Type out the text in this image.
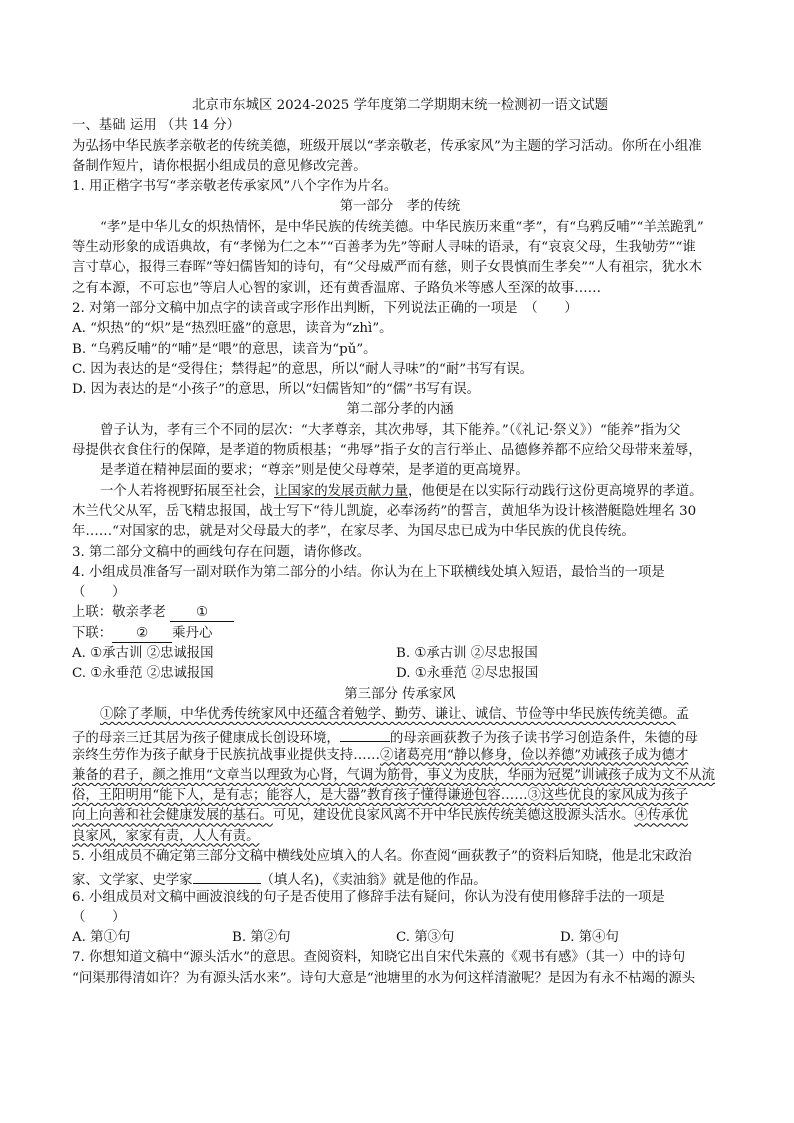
北京市东城区 2024-2025 学年度第二学期期末统一检测初一语文试题
一、基础 运用 （共 14 分）
为弘扬中华民族孝亲敬老的传统美德，班级开展以“孝亲敬老，传承家风”为主题的学习活动。你所在小组准
备制作短片，请你根据小组成员的意见修改完善。
1. 用正楷字书写“孝亲敬老传承家风”八个字作为片名。
第一部分　孝的传统
“孝”是中华儿女的炽热情怀，是中华民族的传统美德。中华民族历来重“孝”，有“乌鸦反哺”“羊羔跪乳”
等生动形象的成语典故，有“孝悌为仁之本”“百善孝为先”等耐人寻味的语录，有“哀哀父母，生我劬劳”“谁
言寸草心，报得三春晖”等妇儒皆知的诗句，有“父母威严而有慈，则子女畏慎而生孝矣”“人有祖宗，犹水木
之有本源，不可忘也”等启人心智的家训，还有黄香温席、子路负米等感人至深的故事……
2. 对第一部分文稿中加点字的读音或字形作出判断，下列说法正确的一项是　（　　）
A. “炽热”的“炽”是“热烈旺盛”的意思，读音为“zhì”。
B. “乌鸦反哺”的“哺”是“喂”的意思，读音为“pǔ”。
C. 因为表达的是“受得住；禁得起”的意思，所以“耐人寻味”的“耐”书写有误。
D. 因为表达的是“小孩子”的意思，所以“妇儒皆知”的“儒”书写有误。
第二部分孝的内涵
曾子认为，孝有三个不同的层次：“大孝尊亲，其次弗辱，其下能养。”（《礼记·祭义》）“能养”指为父
母提供衣食住行的保障，是孝道的物质根基；“弗辱”指子女的言行举止、品德修养都不应给父母带来羞辱，
是孝道在精神层面的要求；“尊亲”则是使父母尊荣，是孝道的更高境界。
一个人若将视野拓展至社会，让国家的发展贡献力量，他便是在以实际行动践行这份更高境界的孝道。
木兰代父从军，岳飞精忠报国，战士写下“待儿凯旋，必奉汤药”的誓言，黄旭华为设计核潜艇隐姓埋名 30
年……“对国家的忠，就是对父母最大的孝”，在家尽孝、为国尽忠已成为中华民族的优良传统。
3. 第二部分文稿中的画线句存在问题，请你修改。
4. 小组成员准备写一副对联作为第二部分的小结。你认为在上下联横线处填入短语，最恰当的一项是
（　　）
上联：敬亲孝老 ①
下联： ② 乘丹心
A. ①承古训 ②忠诚报国	B. ①承古训 ②尽忠报国
C. ①永垂范 ②忠诚报国	D. ①永垂范 ②尽忠报国
第三部分 传承家风
①除了孝顺，中华优秀传统家风中还蕴含着勉学、勤劳、谦让、诚信、节俭等中华民族传统美德。孟
子的母亲三迁其居为孩子健康成长创设环境，	的母亲画荻教子为孩子读书学习创造条件，朱德的母
亲终生劳作为孩子献身于民族抗战事业提供支持……②诸葛亮用“静以修身，俭以养德”劝诫孩子成为德才
兼备的君子，颜之推用“文章当以理致为心肾，气调为筋骨，事义为皮肤，华丽为冠冕”训诫孩子成为文不从流
俗，王阳明用“能下人，是有志；能容人，是大器”教育孩子懂得谦逊包容……③这些优良的家风成为孩子
向上向善和社会健康发展的基石。可见，建设优良家风离不开中华民族传统美德这股源头活水。④传承优
良家风，家家有责，人人有责。
5. 小组成员不确定第三部分文稿中横线处应填入的人名。你查阅“画荻教子”的资料后知晓，他是北宋政治
家、文学家、史学家	（填人名)，《卖油翁》就是他的作品。
6. 小组成员对文稿中画波浪线的句子是否使用了修辞手法有疑问，你认为没有使用修辞手法的一项是
（　　）
A. 第①句	B. 第②句	C. 第③句	D. 第④句
7. 你想知道文稿中“源头活水”的意思。查阅资料，知晓它出自宋代朱熹的《观书有感》（其一）中的诗句
“问渠那得清如许？为有源头活水来”。诗句大意是“池塘里的水为何这样清澈呢？是因为有永不枯竭的源头
